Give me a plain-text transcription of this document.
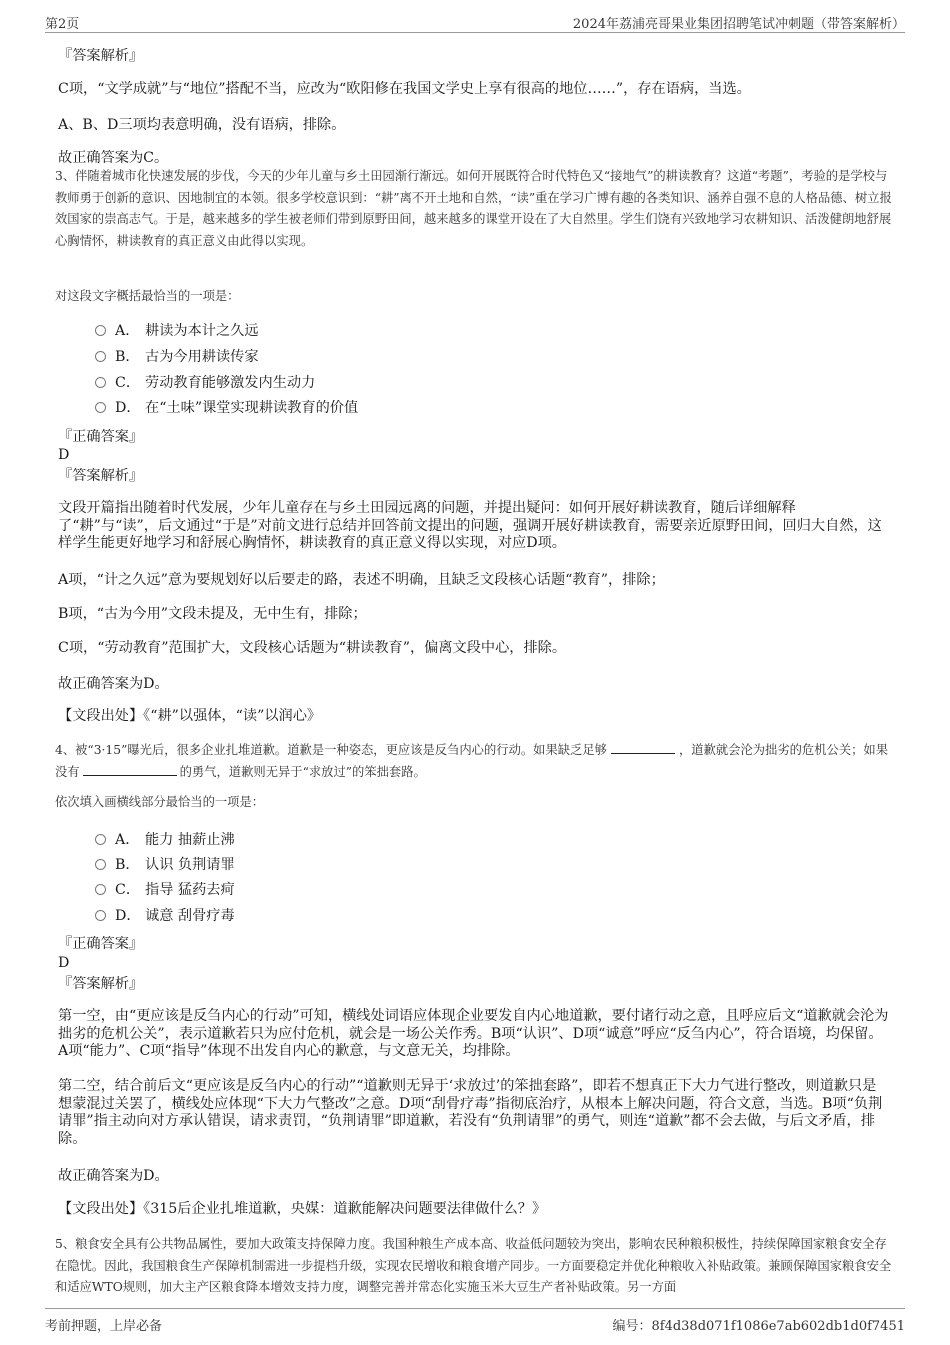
第2页	2024年荔浦亮哥果业集团招聘笔试冲刺题（带答案解析）
『答案解析』
C项，“文学成就”与“地位”搭配不当，应改为“欧阳修在我国文学史上享有很高的地位……”，存在语病，当选。
A、B、D三项均表意明确，没有语病，排除。
故正确答案为C。
3、伴随着城市化快速发展的步伐，今天的少年儿童与乡土田园渐行渐远。如何开展既符合时代特色又“接地气”的耕读教育？这道“考题”，考验的是学校与教师勇于创新的意识、因地制宜的本领。很多学校意识到：“耕”离不开土地和自然，“读”重在学习广博有趣的各类知识、涵养自强不息的人格品德、树立报效国家的崇高志气。于是，越来越多的学生被老师们带到原野田间，越来越多的课堂开设在了大自然里。学生们饶有兴致地学习农耕知识、活泼健朗地舒展心胸情怀，耕读教育的真正意义由此得以实现。
对这段文字概括最恰当的一项是：
A． 耕读为本计之久远
B． 古为今用耕读传家
C． 劳动教育能够激发内生动力
D． 在“土味”课堂实现耕读教育的价值
『正确答案』
D
『答案解析』
文段开篇指出随着时代发展，少年儿童存在与乡土田园远离的问题，并提出疑问：如何开展好耕读教育，随后详细解释了“耕”与“读”，后文通过“于是”对前文进行总结并回答前文提出的问题，强调开展好耕读教育，需要亲近原野田间，回归大自然，这样学生能更好地学习和舒展心胸情怀，耕读教育的真正意义得以实现，对应D项。
A项，“计之久远”意为要规划好以后要走的路，表述不明确，且缺乏文段核心话题“教育”，排除；
B项，“古为今用”文段未提及，无中生有，排除；
C项，“劳动教育”范围扩大，文段核心话题为“耕读教育”，偏离文段中心，排除。
故正确答案为D。
【文段出处】《“耕”以强体，“读”以润心》
4、被“3·15”曝光后，很多企业扎堆道歉。道歉是一种姿态，更应该是反刍内心的行动。如果缺乏足够	，道歉就会沦为拙劣的危机公关；如果没有	的勇气，道歉则无异于“求放过”的笨拙套路。
依次填入画横线部分最恰当的一项是：
A． 能力 抽薪止沸
B． 认识 负荆请罪
C． 指导 猛药去疴
D． 诚意 刮骨疗毒
『正确答案』
D
『答案解析』
第一空，由“更应该是反刍内心的行动”可知，横线处词语应体现企业要发自内心地道歉，要付诸行动之意，且呼应后文“道歉就会沦为拙劣的危机公关”，表示道歉若只为应付危机，就会是一场公关作秀。B项“认识”、D项“诚意”呼应“反刍内心”，符合语境，均保留。A项“能力”、C项“指导”体现不出发自内心的歉意，与文意无关，均排除。
第二空，结合前后文“更应该是反刍内心的行动”“道歉则无异于‘求放过’的笨拙套路”，即若不想真正下大力气进行整改，则道歉只是想蒙混过关罢了，横线处应体现“下大力气整改”之意。D项“刮骨疗毒”指彻底治疗，从根本上解决问题，符合文意，当选。B项“负荆请罪”指主动向对方承认错误，请求责罚，“负荆请罪”即道歉，若没有“负荆请罪”的勇气，则连“道歉”都不会去做，与后文矛盾，排除。
故正确答案为D。
【文段出处】《315后企业扎堆道歉，央媒：道歉能解决问题要法律做什么？》
5、粮食安全具有公共物品属性，要加大政策支持保障力度。我国种粮生产成本高、收益低问题较为突出，影响农民种粮积极性，持续保障国家粮食安全存在隐忧。因此，我国粮食生产保障机制需进一步提档升级，实现农民增收和粮食增产同步。一方面要稳定并优化种粮收入补贴政策。兼顾保障国家粮食安全和适应WTO规则，加大主产区粮食降本增效支持力度，调整完善并常态化实施玉米大豆生产者补贴政策。另一方面
考前押题，上岸必备	编号：8f4d38d071f1086e7ab602db1d0f7451
